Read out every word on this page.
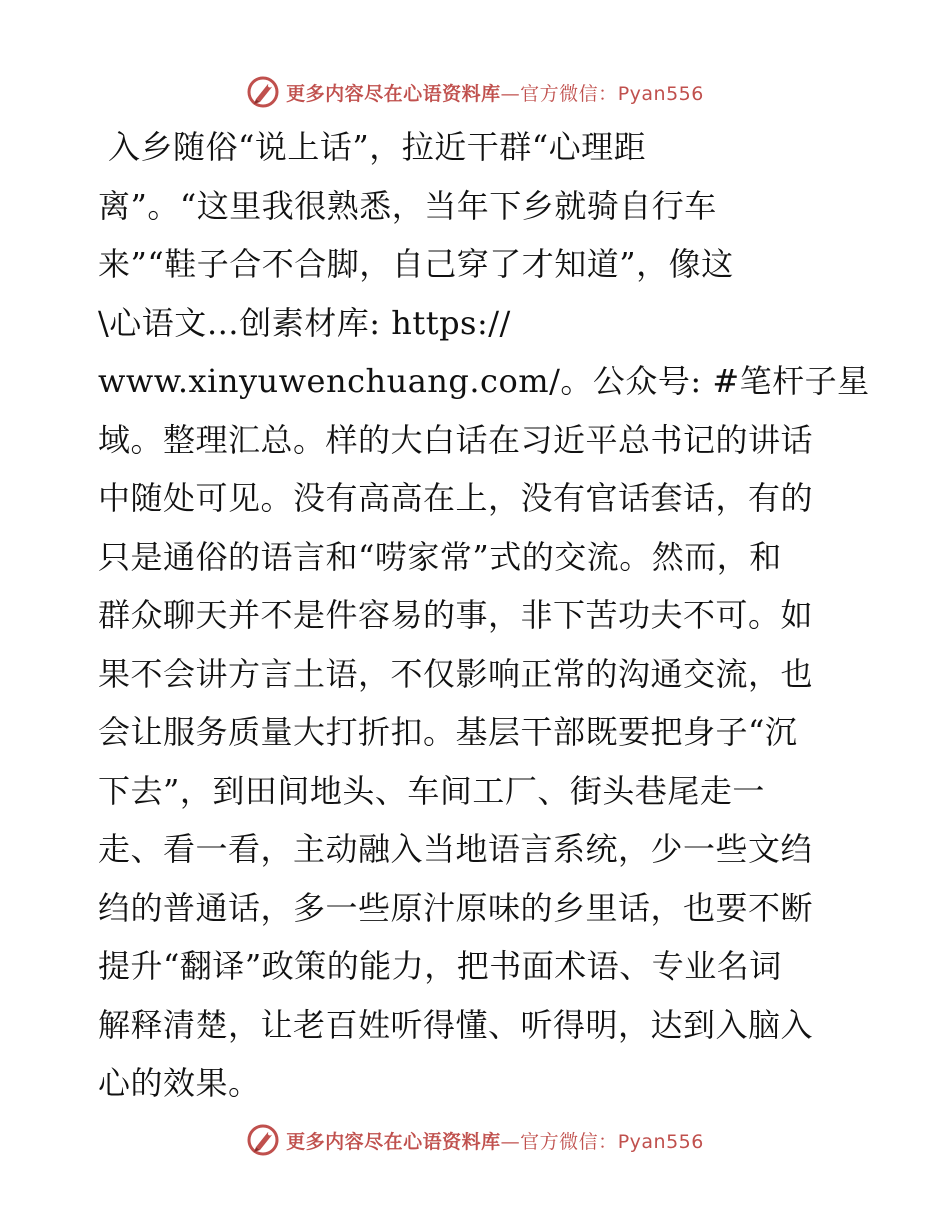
更多内容尽在心语资料库—官方微信：Pyan556
入乡随俗“说上话”，拉近干群“心理距
离”。“这里我很熟悉，当年下乡就骑自行车
来”“鞋子合不合脚，自己穿了才知道”，像这
\心语文…创素材库: https://
www.xinyuwenchuang.com/。公众号: #笔杆子星
域。整理汇总。样的大白话在习近平总书记的讲话
中随处可见。没有高高在上，没有官话套话，有的
只是通俗的语言和“唠家常”式的交流。然而，和
群众聊天并不是件容易的事，非下苦功夫不可。如
果不会讲方言土语，不仅影响正常的沟通交流，也
会让服务质量大打折扣。基层干部既要把身子“沉
下去”，到田间地头、车间工厂、街头巷尾走一
走、看一看，主动融入当地语言系统，少一些文绉
绉的普通话，多一些原汁原味的乡里话，也要不断
提升“翻译”政策的能力，把书面术语、专业名词
解释清楚，让老百姓听得懂、听得明，达到入脑入
心的效果。
更多内容尽在心语资料库—官方微信：Pyan556
